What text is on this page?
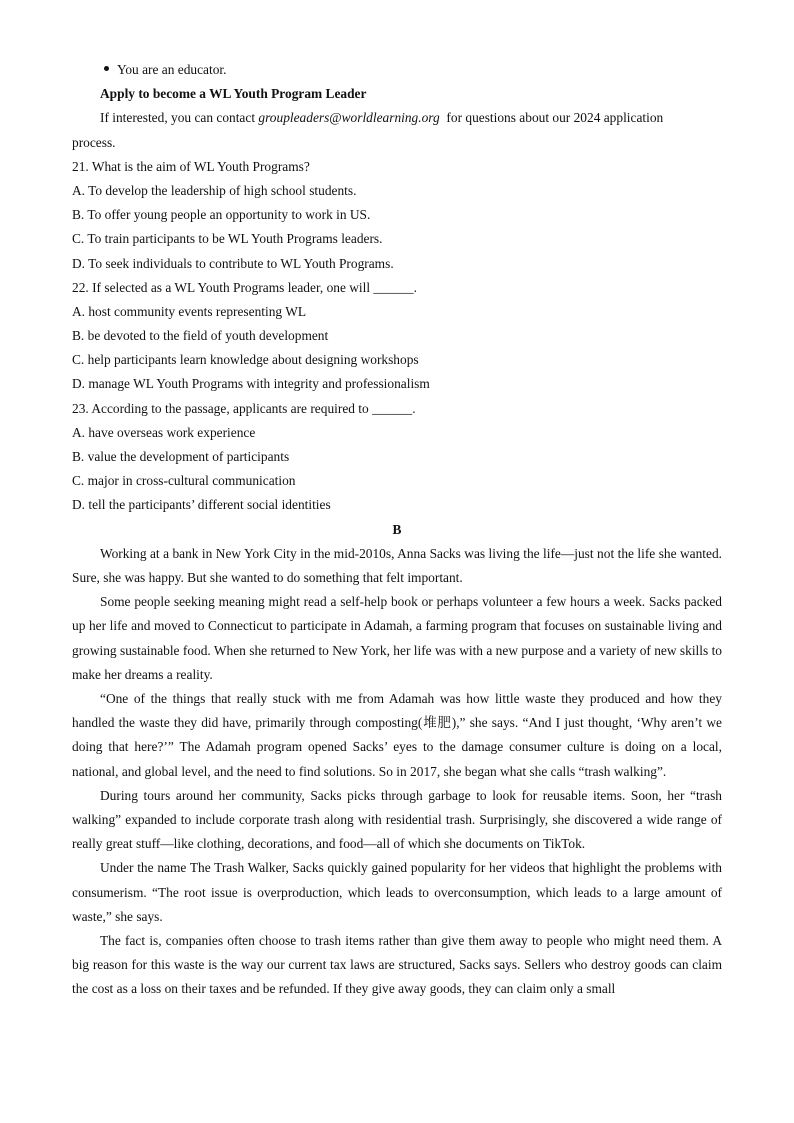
You are an educator.
Apply to become a WL Youth Program Leader
If interested, you can contact groupleaders@worldlearning.org  for questions about our 2024 application
process.
21. What is the aim of WL Youth Programs?
A. To develop the leadership of high school students.
B. To offer young people an opportunity to work in US.
C. To train participants to be WL Youth Programs leaders.
D. To seek individuals to contribute to WL Youth Programs.
22. If selected as a WL Youth Programs leader, one will ______.
A. host community events representing WL
B. be devoted to the field of youth development
C. help participants learn knowledge about designing workshops
D. manage WL Youth Programs with integrity and professionalism
23. According to the passage, applicants are required to ______.
A. have overseas work experience
B. value the development of participants
C. major in cross-cultural communication
D. tell the participants’ different social identities
B
Working at a bank in New York City in the mid-2010s, Anna Sacks was living the life—just not the life she wanted. Sure, she was happy. But she wanted to do something that felt important.
Some people seeking meaning might read a self-help book or perhaps volunteer a few hours a week. Sacks packed up her life and moved to Connecticut to participate in Adamah, a farming program that focuses on sustainable living and growing sustainable food. When she returned to New York, her life was with a new purpose and a variety of new skills to make her dreams a reality.
“One of the things that really stuck with me from Adamah was how little waste they produced and how they handled the waste they did have, primarily through composting(堆肥),” she says. “And I just thought, ‘Why aren’t we doing that here?’” The Adamah program opened Sacks’ eyes to the damage consumer culture is doing on a local, national, and global level, and the need to find solutions. So in 2017, she began what she calls “trash walking”.
During tours around her community, Sacks picks through garbage to look for reusable items. Soon, her “trash walking” expanded to include corporate trash along with residential trash. Surprisingly, she discovered a wide range of really great stuff—like clothing, decorations, and food—all of which she documents on TikTok.
Under the name The Trash Walker, Sacks quickly gained popularity for her videos that highlight the problems with consumerism. “The root issue is overproduction, which leads to overconsumption, which leads to a large amount of waste,” she says.
The fact is, companies often choose to trash items rather than give them away to people who might need them. A big reason for this waste is the way our current tax laws are structured, Sacks says. Sellers who destroy goods can claim the cost as a loss on their taxes and be refunded. If they give away goods, they can claim only a small
